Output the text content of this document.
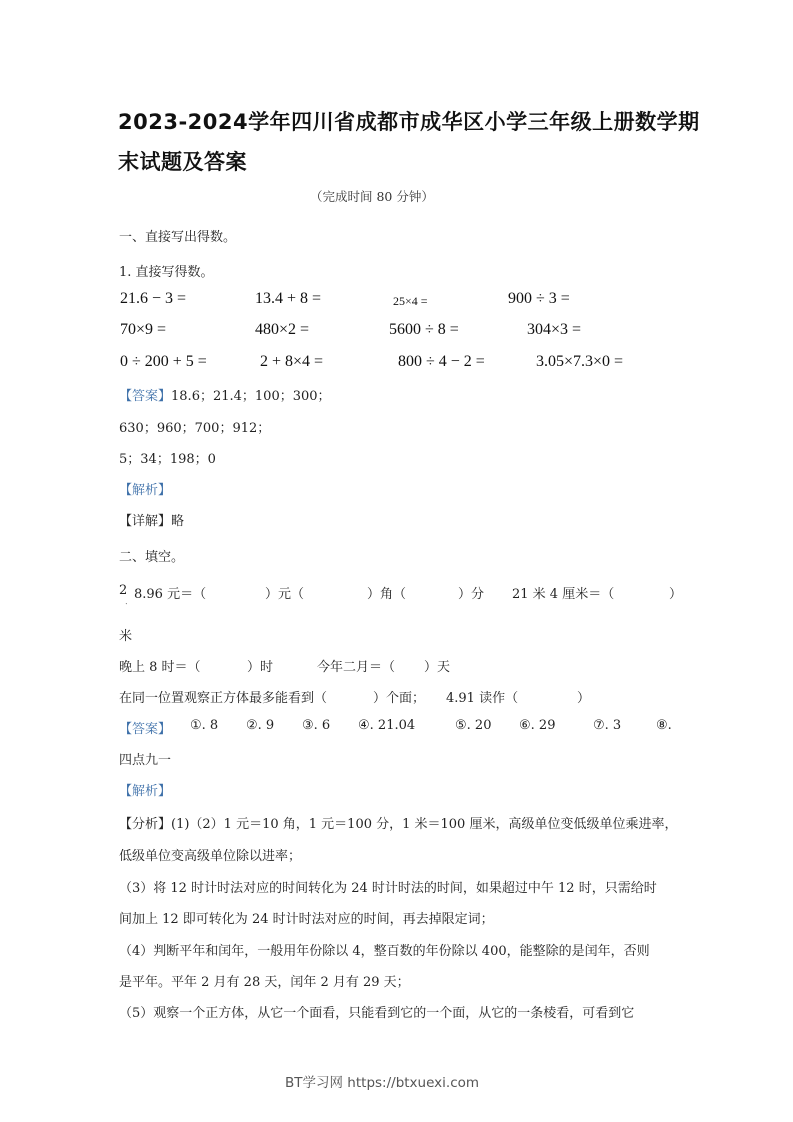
2023-2024学年四川省成都市成华区小学三年级上册数学期
末试题及答案
（完成时间 80 分钟）
一、直接写出得数。
1. 直接写得数。
21.6 − 3 =	13.4 + 8 =	25×4 =	900 ÷ 3 =
70×9 =	480×2 =	5600 ÷ 8 =	304×3 =
0 ÷ 200 + 5 =	2 + 8×4 =	800 ÷ 4 − 2 =	3.05×7.3×0 =
【答案】18.6；21.4；100；300；
630；960；700；912；
5；34；198；0
【解析】
【详解】略
二、填空。
2
． 8.96 元＝（	）元（	）角（	）分 21 米 4 厘米＝（	）
米
晚上 8 时＝（	）时	今年二月＝（ ）天
在同一位置观察正方体最多能看到（	）个面； 4.91 读作（	）
【答案】 ①. 8 ②. 9 ③. 6 ④. 21.04	⑤. 20 ⑥. 29	⑦. 3	⑧.
四点九一
【解析】
【分析】(1)（2）1 元＝10 角，1 元＝100 分，1 米＝100 厘米，高级单位变低级单位乘进率，
低级单位变高级单位除以进率；
（3）将 12 时计时法对应的时间转化为 24 时计时法的时间，如果超过中午 12 时，只需给时
间加上 12 即可转化为 24 时计时法对应的时间，再去掉限定词；
（4）判断平年和闰年，一般用年份除以 4，整百数的年份除以 400，能整除的是闰年，否则
是平年。平年 2 月有 28 天，闰年 2 月有 29 天；
（5）观察一个正方体，从它一个面看，只能看到它的一个面，从它的一条棱看，可看到它
BT学习网 https://btxuexi.com
